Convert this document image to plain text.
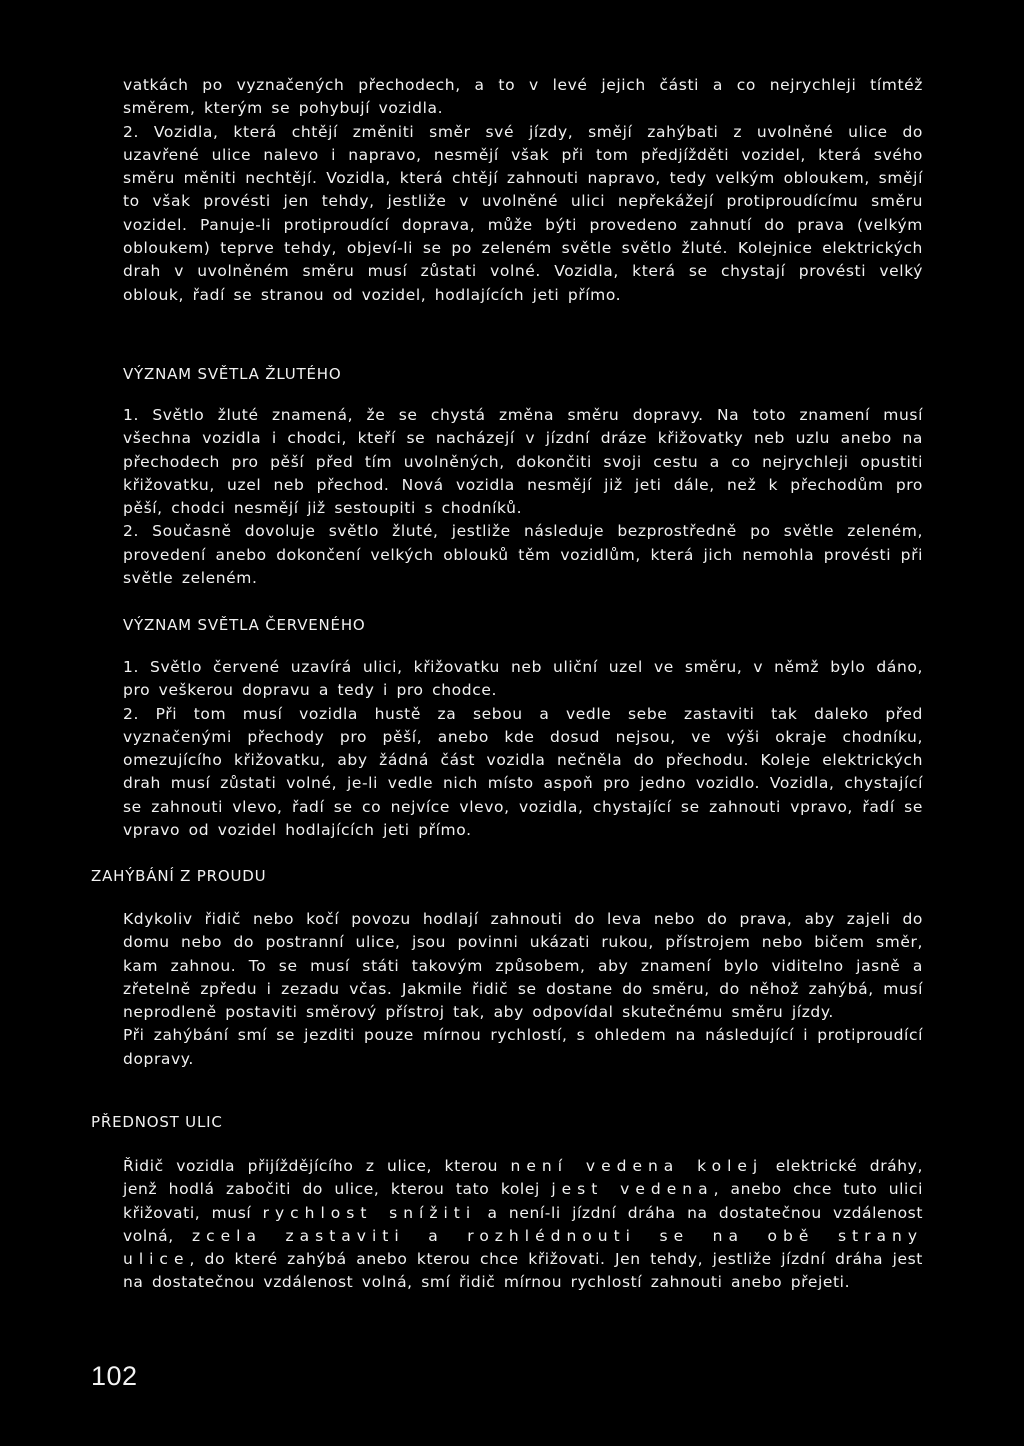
vatkách po vyznačených přechodech, a to v levé jejich části a co nejrychleji tímtéž směrem, kterým se pohybují vozidla.

2. Vozidla, která chtějí změniti směr své jízdy, smějí zahýbati z uvolněné ulice do uzavřené ulice nalevo i napravo, nesmějí však při tom předjížděti vozidel, která svého směru měniti nechtějí. Vozidla, která chtějí zahnouti napravo, tedy velkým obloukem, smějí to však provésti jen tehdy, jestliže v uvolněné ulici nepřekážejí protiproudícímu směru vozidel. Panuje-li protiproudící doprava, může býti provedeno zahnutí do prava (velkým obloukem) teprve tehdy, objeví-li se po zeleném světle světlo žluté. Kolejnice elektrických drah v uvolněném směru musí zůstati volné. Vozidla, která se chystají provésti velký oblouk, řadí se stranou od vozidel, hodlajících jeti přímo.

VÝZNAM SVĚTLA ŽLUTÉHO

1. Světlo žluté znamená, že se chystá změna směru dopravy. Na toto znamení musí všechna vozidla i chodci, kteří se nacházejí v jízdní dráze křižovatky neb uzlu anebo na přechodech pro pěší před tím uvolněných, dokončiti svoji cestu a co nejrychleji opustiti křižovatku, uzel neb přechod. Nová vozidla nesmějí již jeti dále, než k přechodům pro pěší, chodci nesmějí již sestoupiti s chodníků.

2. Současně dovoluje světlo žluté, jestliže následuje bezprostředně po světle zeleném, provedení anebo dokončení velkých oblouků těm vozidlům, která jich nemohla provésti při světle zeleném.

VÝZNAM SVĚTLA ČERVENÉHO

1. Světlo červené uzavírá ulici, křižovatku neb uliční uzel ve směru, v němž bylo dáno, pro veškerou dopravu a tedy i pro chodce.

2. Při tom musí vozidla hustě za sebou a vedle sebe zastaviti tak daleko před vyznačenými přechody pro pěší, anebo kde dosud nejsou, ve výši okraje chodníku, omezujícího křižovatku, aby žádná část vozidla nečněla do přechodu. Koleje elektrických drah musí zůstati volné, je-li vedle nich místo aspoň pro jedno vozidlo. Vozidla, chystající se zahnouti vlevo, řadí se co nejvíce vlevo, vozidla, chystající se zahnouti vpravo, řadí se vpravo od vozidel hodlajících jeti přímo.

ZAHÝBÁNÍ Z PROUDU

Kdykoliv řidič nebo kočí povozu hodlají zahnouti do leva nebo do prava, aby zajeli do domu nebo do postranní ulice, jsou povinni ukázati rukou, přístrojem nebo bičem směr, kam zahnou. To se musí státi takovým způsobem, aby znamení bylo viditelno jasně a zřetelně zpředu i zezadu včas. Jakmile řidič se dostane do směru, do něhož zahýbá, musí neprodleně postaviti směrový přístroj tak, aby odpovídal skutečnému směru jízdy.

Při zahýbání smí se jezditi pouze mírnou rychlostí, s ohledem na následující i protiproudící dopravy.

PŘEDNOST ULIC

Řidič vozidla přijíždějícího z ulice, kterou není vedena kolej elektrické dráhy, jenž hodlá zabočiti do ulice, kterou tato kolej jest vedena, anebo chce tuto ulici křižovati, musí rychlost snížiti a není-li jízdní dráha na dostatečnou vzdálenost volná, zcela zastaviti a rozhlédnouti se na obě strany ulice, do které zahýbá anebo kterou chce křižovati. Jen tehdy, jestliže jízdní dráha jest na dostatečnou vzdálenost volná, smí řidič mírnou rychlostí zahnouti anebo přejeti.

102
